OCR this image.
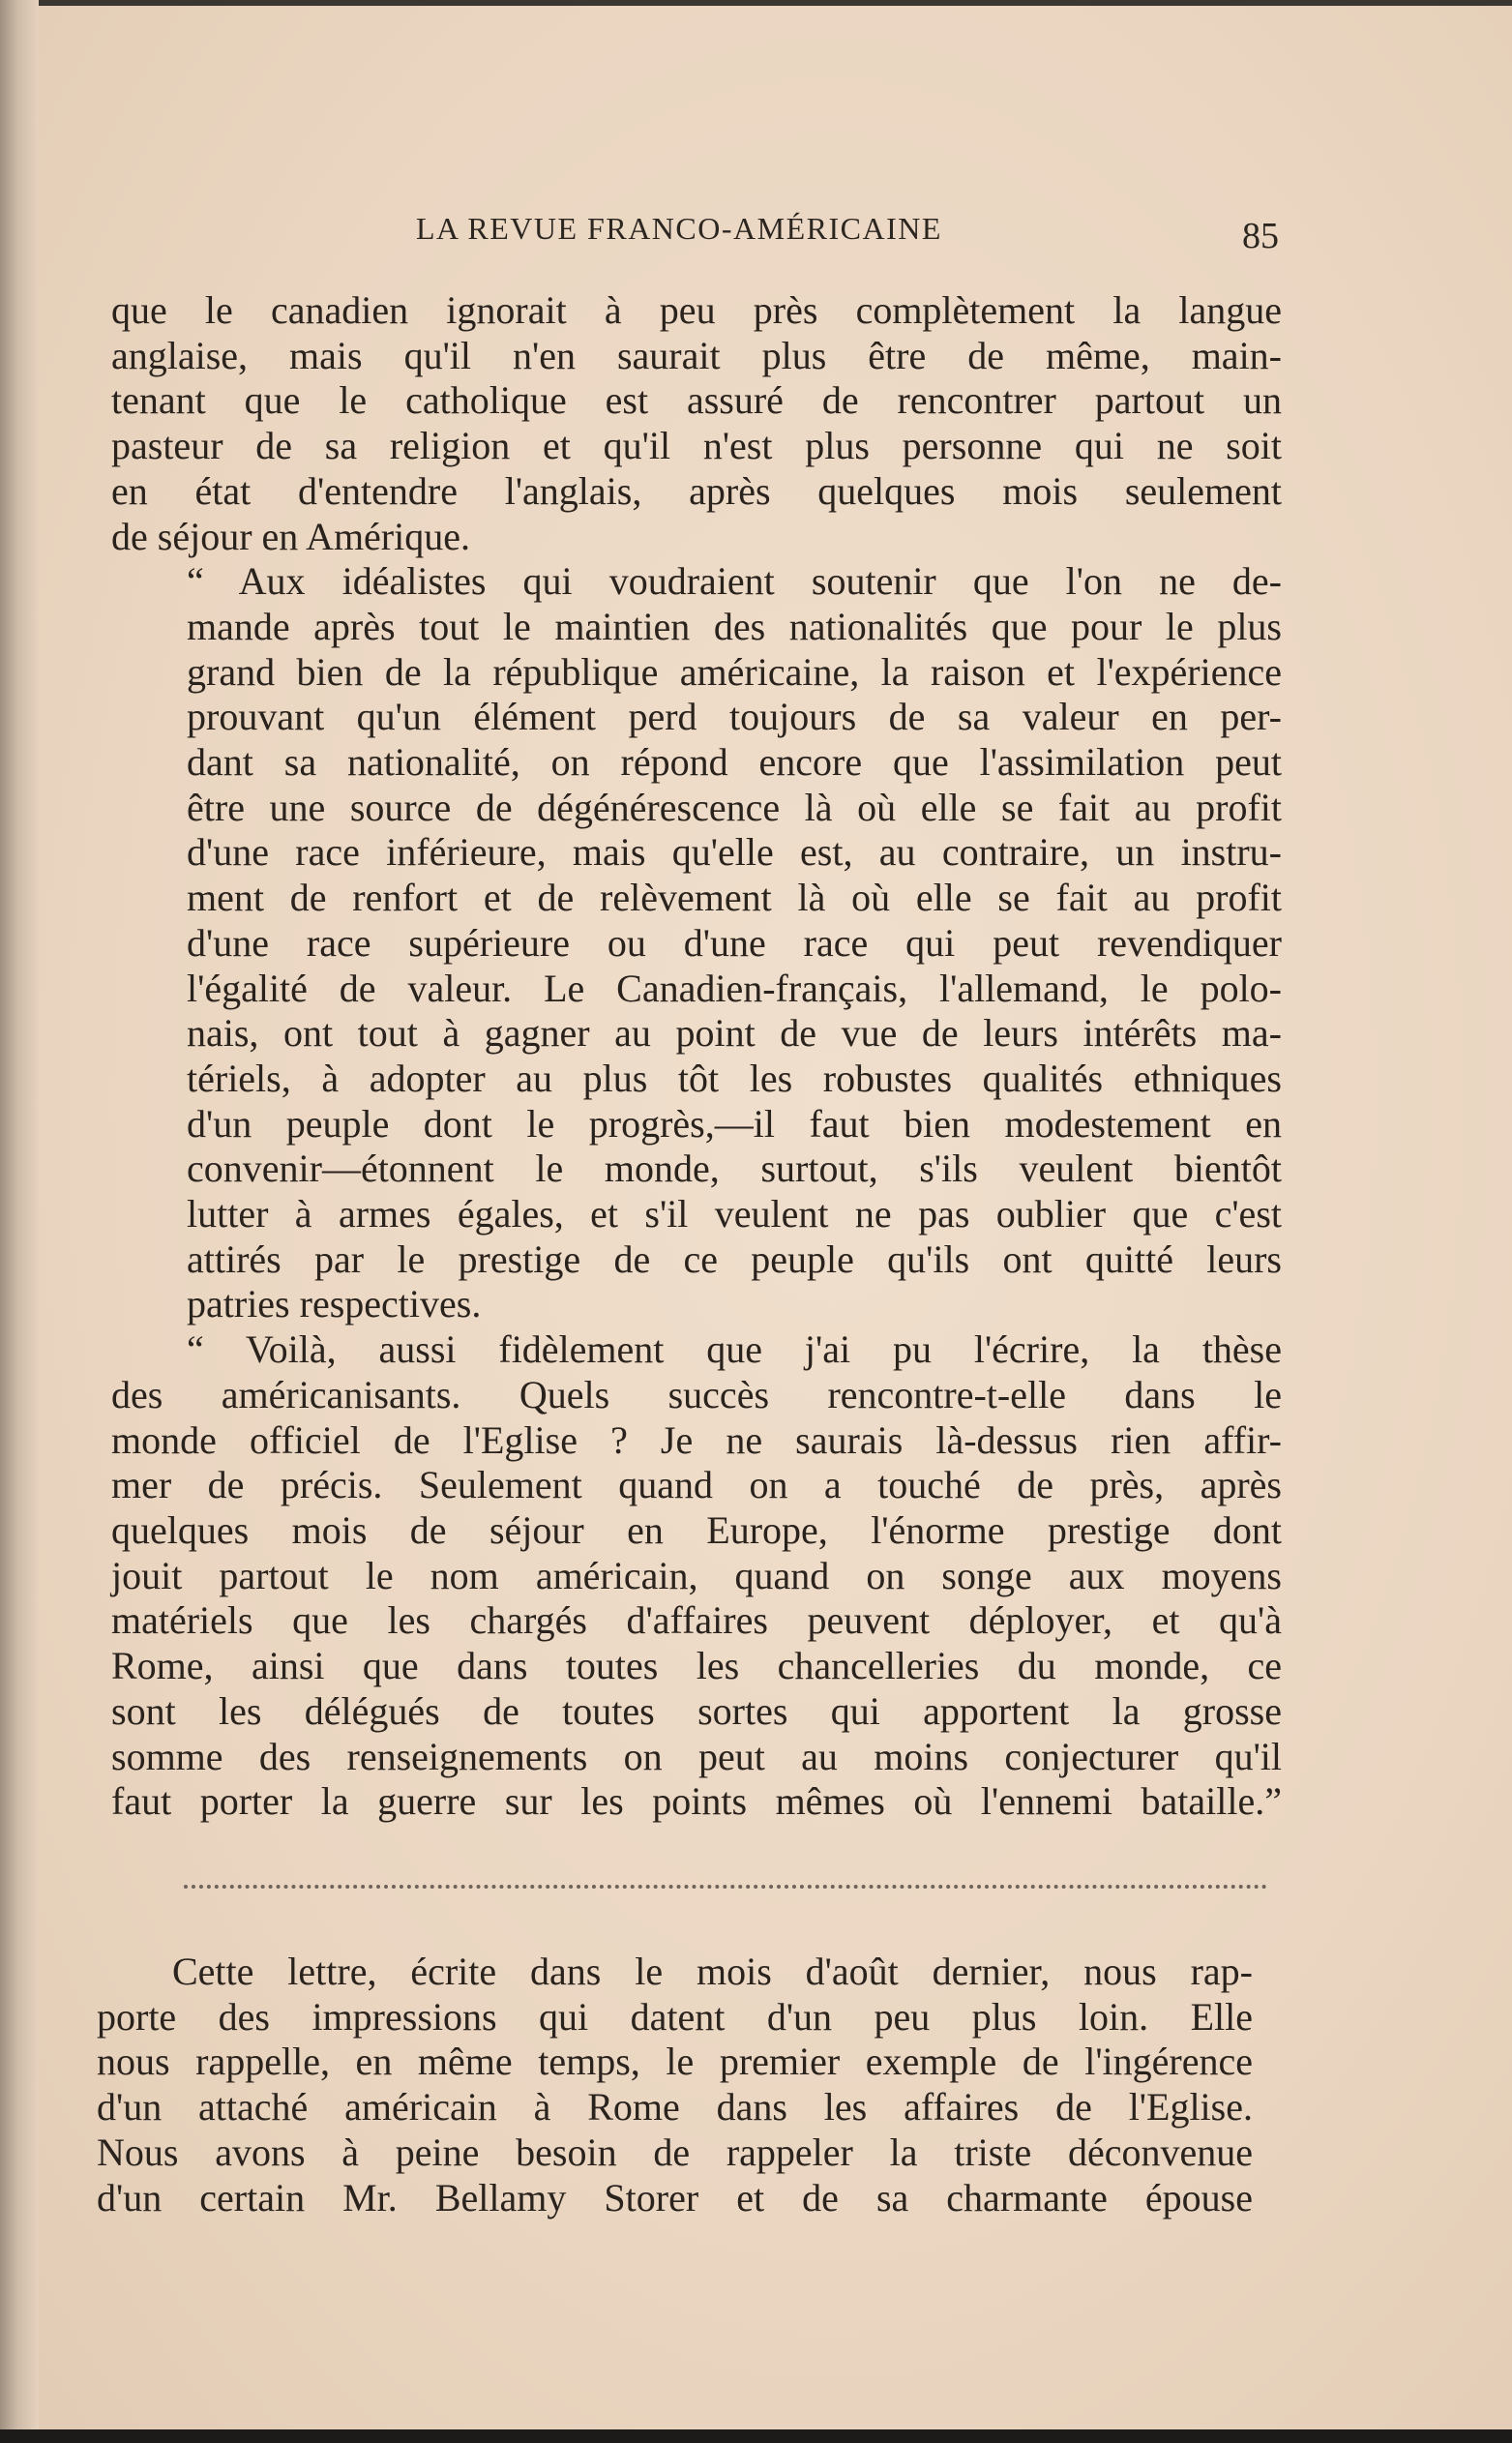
LA REVUE FRANCO-AMÉRICAINE	85

que le canadien ignorait à peu près complètement la langue
anglaise, mais qu'il n'en saurait plus être de même, main-
tenant que le catholique est assuré de rencontrer partout un
pasteur de sa religion et qu'il n'est plus personne qui ne soit
en état d'entendre l'anglais, après quelques mois seulement
de séjour en Amérique.

“ Aux idéalistes qui voudraient soutenir que l'on ne de-
mande après tout le maintien des nationalités que pour le plus
grand bien de la république américaine, la raison et l'expérience
prouvant qu'un élément perd toujours de sa valeur en per-
dant sa nationalité, on répond encore que l'assimilation peut
être une source de dégénérescence là où elle se fait au profit
d'une race inférieure, mais qu'elle est, au contraire, un instru-
ment de renfort et de relèvement là où elle se fait au profit
d'une race supérieure ou d'une race qui peut revendiquer
l'égalité de valeur. Le Canadien-français, l'allemand, le polo-
nais, ont tout à gagner au point de vue de leurs intérêts ma-
tériels, à adopter au plus tôt les robustes qualités ethniques
d'un peuple dont le progrès,—il faut bien modestement en
convenir—étonnent le monde, surtout, s'ils veulent bientôt
lutter à armes égales, et s'il veulent ne pas oublier que c'est
attirés par le prestige de ce peuple qu'ils ont quitté leurs
patries respectives.

“ Voilà, aussi fidèlement que j'ai pu l'écrire, la thèse
des américanisants. Quels succès rencontre-t-elle dans le
monde officiel de l'Eglise ? Je ne saurais là-dessus rien affir-
mer de précis. Seulement quand on a touché de près, après
quelques mois de séjour en Europe, l'énorme prestige dont
jouit partout le nom américain, quand on songe aux moyens
matériels que les chargés d'affaires peuvent déployer, et qu'à
Rome, ainsi que dans toutes les chancelleries du monde, ce
sont les délégués de toutes sortes qui apportent la grosse
somme des renseignements on peut au moins conjecturer qu'il
faut porter la guerre sur les points mêmes où l'ennemi bataille.”

Cette lettre, écrite dans le mois d'août dernier, nous rap-
porte des impressions qui datent d'un peu plus loin. Elle
nous rappelle, en même temps, le premier exemple de l'ingérence
d'un attaché américain à Rome dans les affaires de l'Eglise.
Nous avons à peine besoin de rappeler la triste déconvenue
d'un certain Mr. Bellamy Storer et de sa charmante épouse
